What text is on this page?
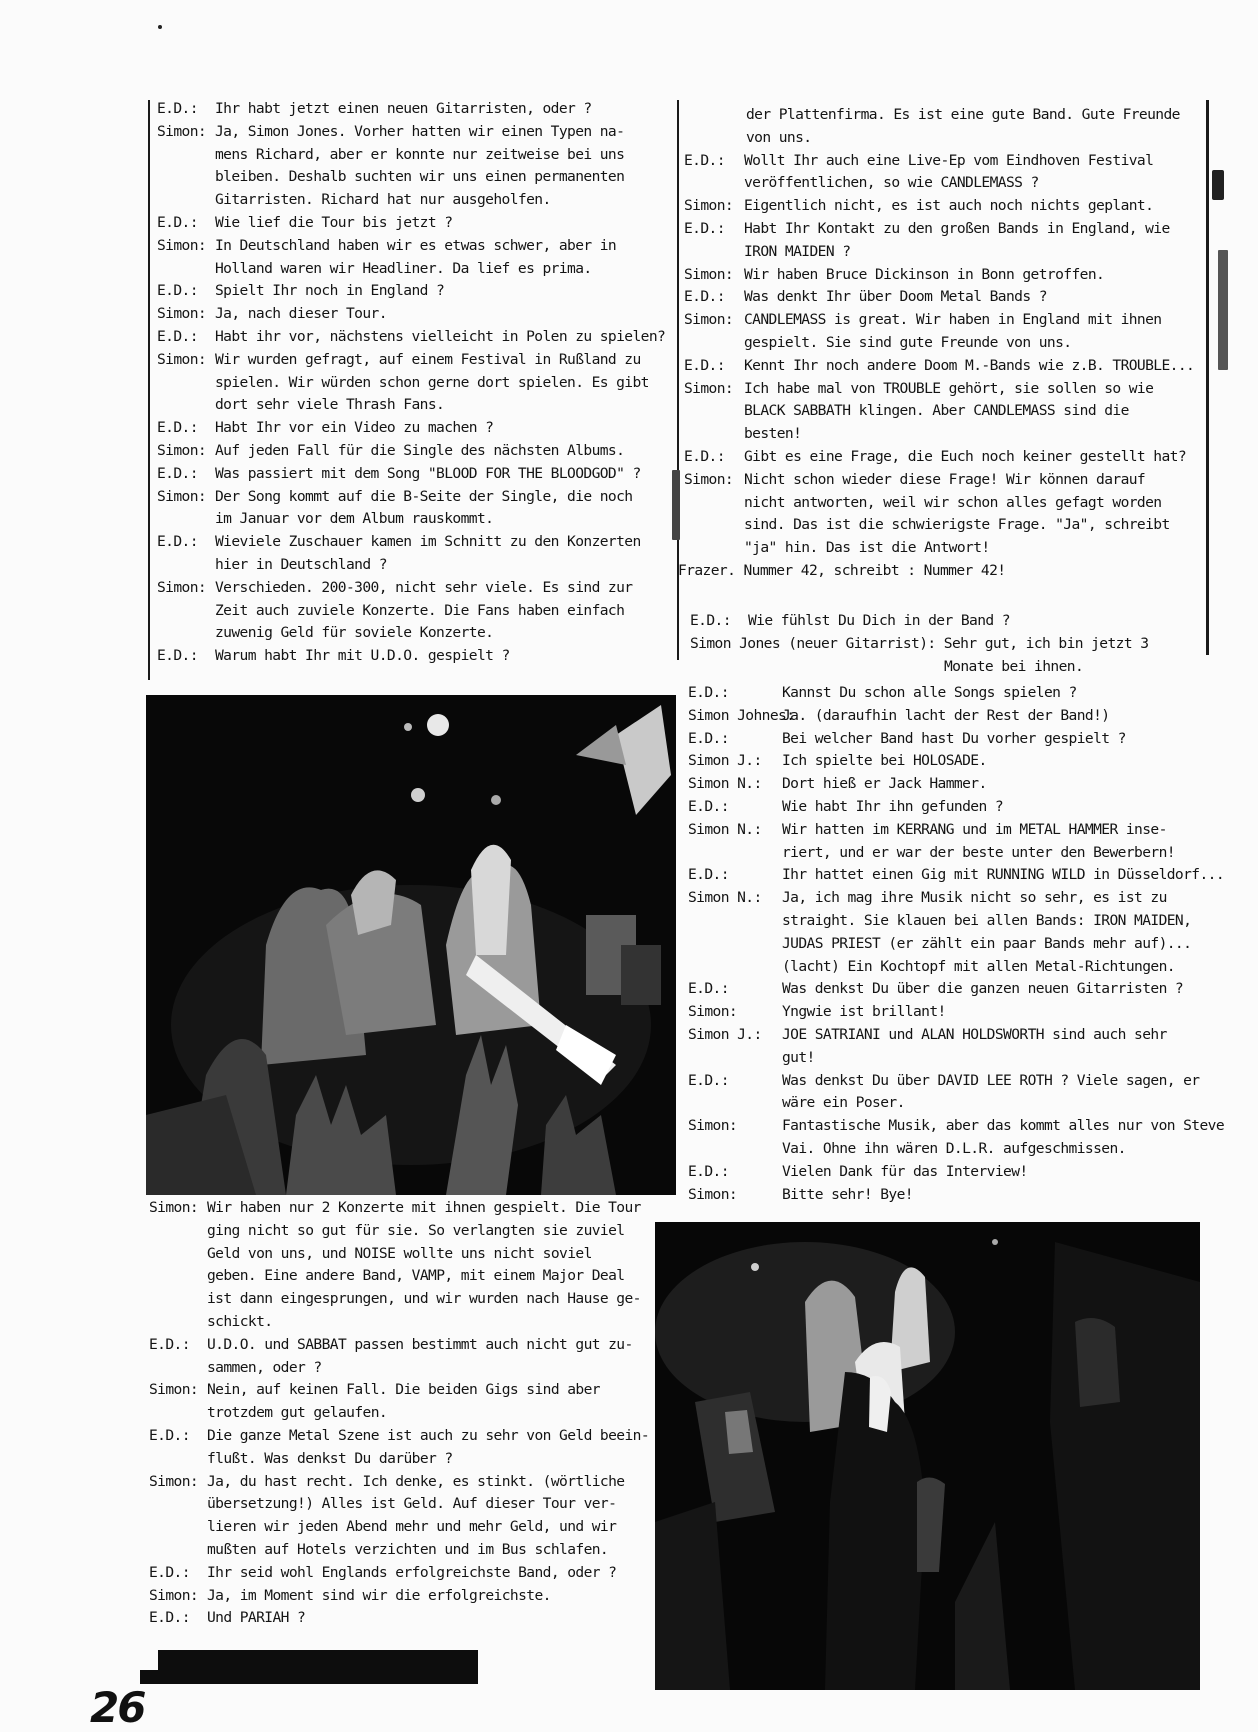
E.D.:	Ihr habt jetzt einen neuen Gitarristen, oder ?
Simon: Ja, Simon Jones. Vorher hatten wir einen Typen na-
mens Richard, aber er konnte nur zeitweise bei uns
bleiben. Deshalb suchten wir uns einen permanenten
Gitarristen. Richard hat nur ausgeholfen.
E.D.:	Wie lief die Tour bis jetzt ?
Simon: In Deutschland haben wir es etwas schwer, aber in
Holland waren wir Headliner. Da lief es prima.
E.D.:	Spielt Ihr noch in England ?
Simon: Ja, nach dieser Tour.
E.D.:	Habt ihr vor, nächstens vielleicht in Polen zu spielen?
Simon: Wir wurden gefragt, auf einem Festival in Rußland zu
spielen. Wir würden schon gerne dort spielen. Es gibt
dort sehr viele Thrash Fans.
E.D.:	Habt Ihr vor ein Video zu machen ?
Simon: Auf jeden Fall für die Single des nächsten Albums.
E.D.:	Was passiert mit dem Song "BLOOD FOR THE BLOODGOD" ?
Simon: Der Song kommt auf die B-Seite der Single, die noch
im Januar vor dem Album rauskommt.
E.D.:	Wieviele Zuschauer kamen im Schnitt zu den Konzerten
hier in Deutschland ?
Simon: Verschieden. 200-300, nicht sehr viele. Es sind zur
Zeit auch zuviele Konzerte. Die Fans haben einfach
zuwenig Geld für soviele Konzerte.
E.D.:	Warum habt Ihr mit U.D.O. gespielt ?
Simon: Wir haben nur 2 Konzerte mit ihnen gespielt. Die Tour
ging nicht so gut für sie. So verlangten sie zuviel
Geld von uns, und NOISE wollte uns nicht soviel
geben. Eine andere Band, VAMP, mit einem Major Deal
ist dann eingesprungen, und wir wurden nach Hause ge-
schickt.
E.D.:	U.D.O. und SABBAT passen bestimmt auch nicht gut zu-
sammen, oder ?
Simon: Nein, auf keinen Fall. Die beiden Gigs sind aber
trotzdem gut gelaufen.
E.D.:	Die ganze Metal Szene ist auch zu sehr von Geld beein-
flußt. Was denkst Du darüber ?
Simon: Ja, du hast recht. Ich denke, es stinkt. (wörtliche
übersetzung!) Alles ist Geld. Auf dieser Tour ver-
lieren wir jeden Abend mehr und mehr Geld, und wir
mußten auf Hotels verzichten und im Bus schlafen.
E.D.:	Ihr seid wohl Englands erfolgreichste Band, oder ?
Simon: Ja, im Moment sind wir die erfolgreichste.
E.D.:	Und PARIAH ?
der Plattenfirma. Es ist eine gute Band. Gute Freunde
von uns.
E.D.:	Wollt Ihr auch eine Live-Ep vom Eindhoven Festival
veröffentlichen, so wie CANDLEMASS ?
Simon: Eigentlich nicht, es ist auch noch nichts geplant.
E.D.:	Habt Ihr Kontakt zu den großen Bands in England, wie
IRON MAIDEN ?
Simon: Wir haben Bruce Dickinson in Bonn getroffen.
E.D.:	Was denkt Ihr über Doom Metal Bands ?
Simon: CANDLEMASS is great. Wir haben in England mit ihnen
gespielt. Sie sind gute Freunde von uns.
E.D.:	Kennt Ihr noch andere Doom M.-Bands wie z.B. TROUBLE...
Simon: Ich habe mal von TROUBLE gehört, sie sollen so wie
BLACK SABBATH klingen. Aber CANDLEMASS sind die
besten!
E.D.:	Gibt es eine Frage, die Euch noch keiner gestellt hat?
Simon: Nicht schon wieder diese Frage! Wir können darauf
nicht antworten, weil wir schon alles gefagt worden
sind. Das ist die schwierigste Frage. "Ja", schreibt
"ja" hin. Das ist die Antwort!
Frazer. Nummer 42, schreibt : Nummer 42!
E.D.:	Wie fühlst Du Dich in der Band ?
Simon Jones (neuer Gitarrist): Sehr gut, ich bin jetzt 3
Monate bei ihnen.
E.D.:	Kannst Du schon alle Songs spielen ?
Simon Johnes:
Ja. (daraufhin lacht der Rest der Band!)
E.D.:	Bei welcher Band hast Du vorher gespielt ?
Simon J.:	Ich spielte bei HOLOSADE.
Simon N.:	Dort hieß er Jack Hammer.
E.D.:	Wie habt Ihr ihn gefunden ?
Simon N.:	Wir hatten im KERRANG und im METAL HAMMER inse-
riert, und er war der beste unter den Bewerbern!
E.D.:	Ihr hattet einen Gig mit RUNNING WILD in Düsseldorf...
Simon N.:	Ja, ich mag ihre Musik nicht so sehr, es ist zu
straight. Sie klauen bei allen Bands: IRON MAIDEN,
JUDAS PRIEST (er zählt ein paar Bands mehr auf)...
(lacht) Ein Kochtopf mit allen Metal-Richtungen.
E.D.:	Was denkst Du über die ganzen neuen Gitarristen ?
Simon:	Yngwie ist brillant!
Simon J.:	JOE SATRIANI und ALAN HOLDSWORTH sind auch sehr
gut!
E.D.:	Was denkst Du über DAVID LEE ROTH ? Viele sagen, er
wäre ein Poser.
Simon:	Fantastische Musik, aber das kommt alles nur von Steve
Vai. Ohne ihn wären D.L.R. aufgeschmissen.
E.D.:	Vielen Dank für das Interview!
Simon:	Bitte sehr! Bye!
26
